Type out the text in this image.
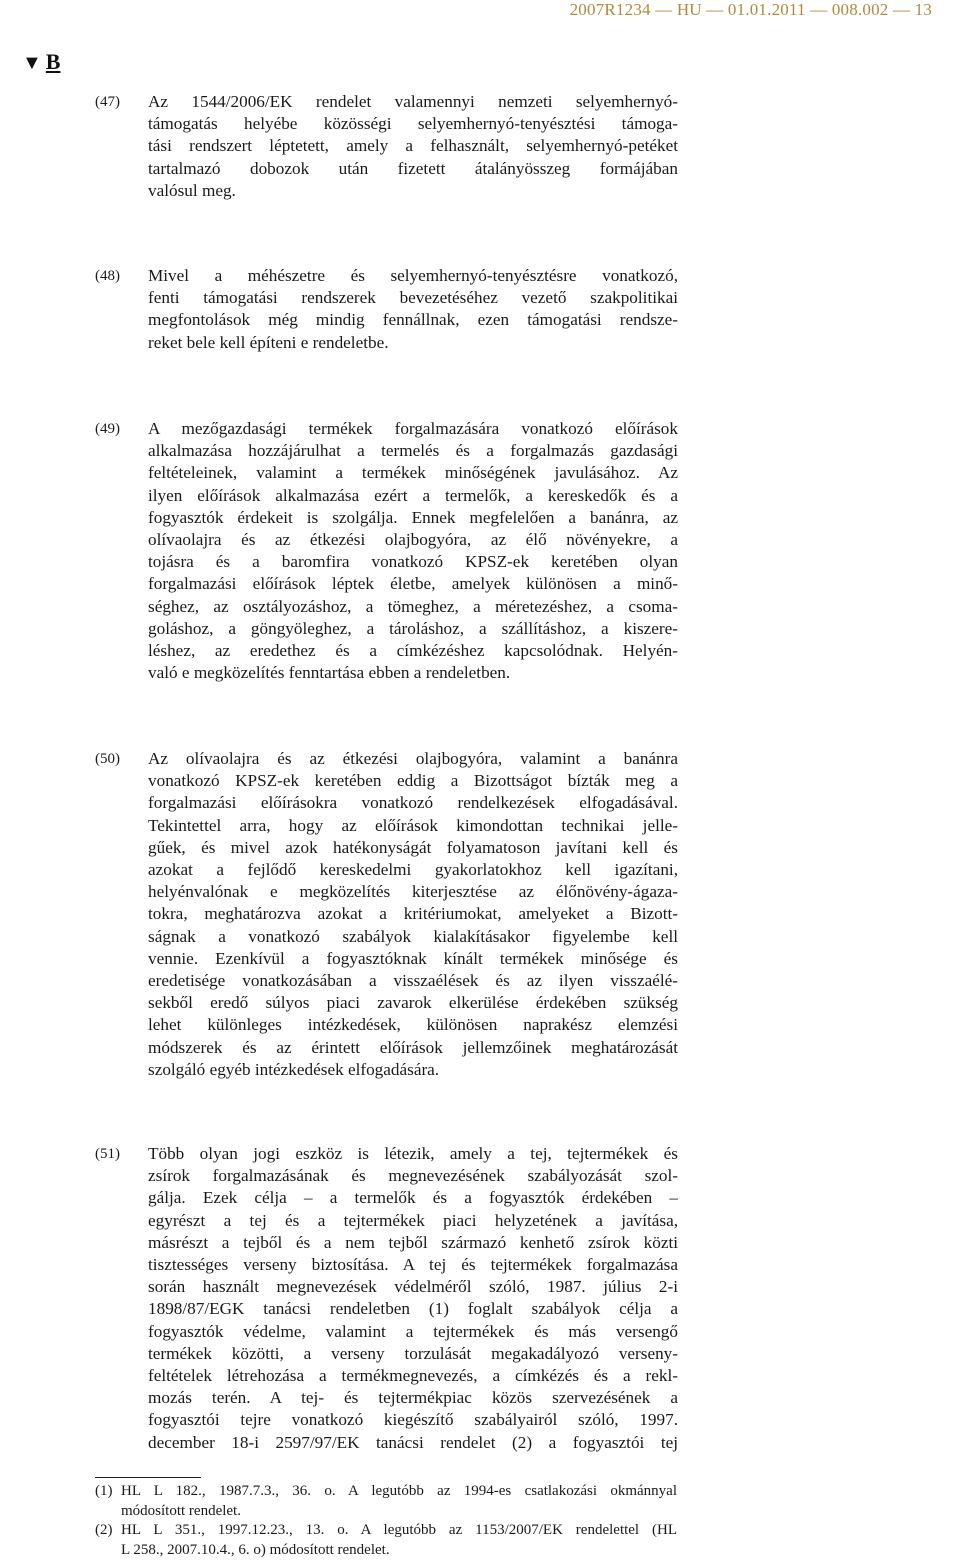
2007R1234 — HU — 01.01.2011 — 008.002 — 13
▼ B
(47) Az 1544/2006/EK rendelet valamennyi nemzeti selyemhernyó-
támogatás helyébe közösségi selyemhernyó-tenyésztési támoga-
tási rendszert léptetett, amely a felhasznált, selyemhernyó-petéket
tartalmazó dobozok után fizetett átalányösszeg formájában
valósul meg.
(48) Mivel a méhészetre és selyemhernyó-tenyésztésre vonatkozó,
fenti támogatási rendszerek bevezetéséhez vezető szakpolitikai
megfontolások még mindig fennállnak, ezen támogatási rendsze-
reket bele kell építeni e rendeletbe.
(49) A mezőgazdasági termékek forgalmazására vonatkozó előírások
alkalmazása hozzájárulhat a termelés és a forgalmazás gazdasági
feltételeinek, valamint a termékek minőségének javulásához. Az
ilyen előírások alkalmazása ezért a termelők, a kereskedők és a
fogyasztók érdekeit is szolgálja. Ennek megfelelően a banánra, az
olívaolajra és az étkezési olajbogyóra, az élő növényekre, a
tojásra és a baromfira vonatkozó KPSZ-ek keretében olyan
forgalmazási előírások léptek életbe, amelyek különösen a minő-
séghez, az osztályozáshoz, a tömeghez, a méretezéshez, a csoma-
goláshoz, a göngyöleghez, a tároláshoz, a szállításhoz, a kiszere-
léshez, az eredethez és a címkézéshez kapcsolódnak. Helyén-
való e megközelítés fenntartása ebben a rendeletben.
(50) Az olívaolajra és az étkezési olajbogyóra, valamint a banánra
vonatkozó KPSZ-ek keretében eddig a Bizottságot bízták meg a
forgalmazási előírásokra vonatkozó rendelkezések elfogadásával.
Tekintettel arra, hogy az előírások kimondottan technikai jelle-
gűek, és mivel azok hatékonyságát folyamatoson javítani kell és
azokat a fejlődő kereskedelmi gyakorlatokhoz kell igazítani,
helyénvalónak e megközelítés kiterjesztése az élőnövény-ágaza-
tokra, meghatározva azokat a kritériumokat, amelyeket a Bizott-
ságnak a vonatkozó szabályok kialakításakor figyelembe kell
vennie. Ezenkívül a fogyasztóknak kínált termékek minősége és
eredetisége vonatkozásában a visszaélések és az ilyen visszaélé-
sekből eredő súlyos piaci zavarok elkerülése érdekében szükség
lehet különleges intézkedések, különösen naprakész elemzési
módszerek és az érintett előírások jellemzőinek meghatározását
szolgáló egyéb intézkedések elfogadására.
(51) Több olyan jogi eszköz is létezik, amely a tej, tejtermékek és
zsírok forgalmazásának és megnevezésének szabályozását szol-
gálja. Ezek célja – a termelők és a fogyasztók érdekében –
egyrészt a tej és a tejtermékek piaci helyzetének a javítása,
másrészt a tejből és a nem tejből származó kenhető zsírok közti
tisztességes verseny biztosítása. A tej és tejtermékek forgalmazása
során használt megnevezések védelméről szóló, 1987. július 2-i
1898/87/EGK tanácsi rendeletben (1) foglalt szabályok célja a
fogyasztók védelme, valamint a tejtermékek és más versengő
termékek közötti, a verseny torzulását megakadályozó verseny-
feltételek létrehozása a termékmegnevezés, a címkézés és a rekl-
mozás terén. A tej- és tejtermékpiac közös szervezésének a
fogyasztói tejre vonatkozó kiegészítő szabályairól szóló, 1997.
december 18-i 2597/97/EK tanácsi rendelet (2) a fogyasztói tej
(1) HL L 182., 1987.7.3., 36. o. A legutóbb az 1994-es csatlakozási okmánnyal
módosított rendelet.
(2) HL L 351., 1997.12.23., 13. o. A legutóbb az 1153/2007/EK rendelettel (HL
L 258., 2007.10.4., 6. o) módosított rendelet.
